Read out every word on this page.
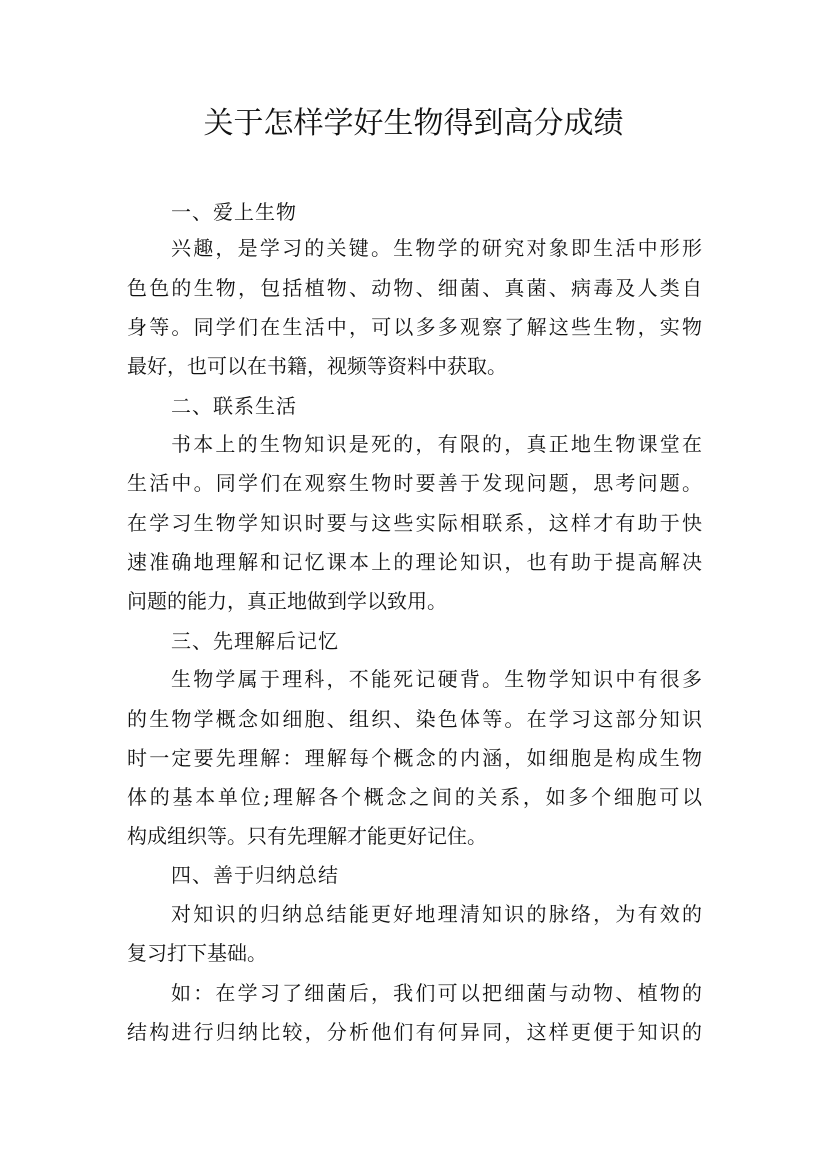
关于怎样学好生物得到高分成绩
一、爱上生物
兴趣，是学习的关键。生物学的研究对象即生活中形形
色色的生物，包括植物、动物、细菌、真菌、病毒及人类自
身等。同学们在生活中，可以多多观察了解这些生物，实物
最好，也可以在书籍，视频等资料中获取。
二、联系生活
书本上的生物知识是死的，有限的，真正地生物课堂在
生活中。同学们在观察生物时要善于发现问题，思考问题。
在学习生物学知识时要与这些实际相联系，这样才有助于快
速准确地理解和记忆课本上的理论知识，也有助于提高解决
问题的能力，真正地做到学以致用。
三、先理解后记忆
生物学属于理科，不能死记硬背。生物学知识中有很多
的生物学概念如细胞、组织、染色体等。在学习这部分知识
时一定要先理解：理解每个概念的内涵，如细胞是构成生物
体的基本单位;理解各个概念之间的关系，如多个细胞可以
构成组织等。只有先理解才能更好记住。
四、善于归纳总结
对知识的归纳总结能更好地理清知识的脉络，为有效的
复习打下基础。
如：在学习了细菌后，我们可以把细菌与动物、植物的
结构进行归纳比较，分析他们有何异同，这样更便于知识的
